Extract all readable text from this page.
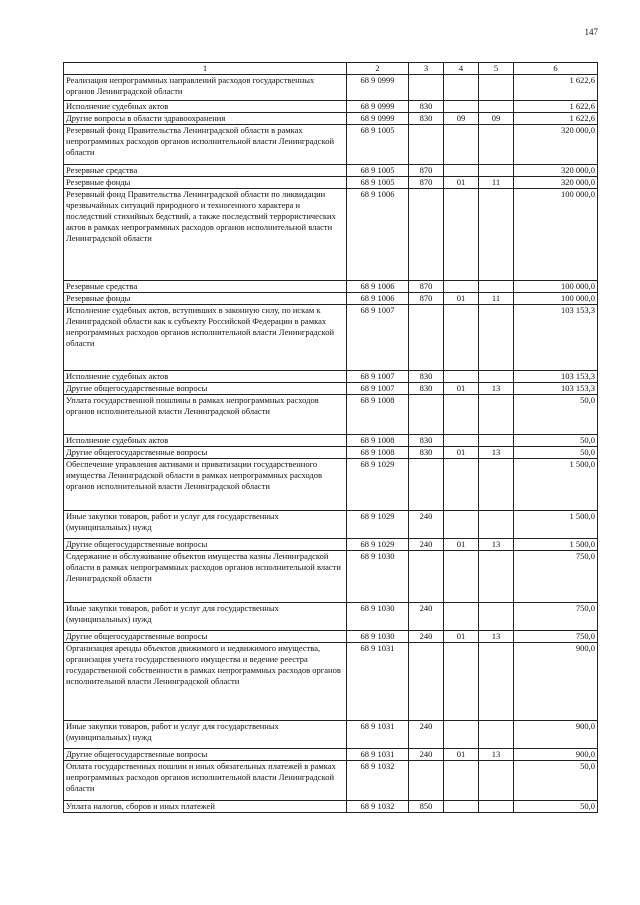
147
1	2	3	4	5	6
Реализация непрограммных направлений расходов государственных органов Ленинградской области	68 9 0999				1 622,6
Исполнение судебных актов	68 9 0999	830			1 622,6
Другие вопросы в области здравоохранения	68 9 0999	830	09	09	1 622,6
Резервный фонд Правительства Ленинградской области в рамках непрограммных расходов органов исполнительной власти Ленинградской области	68 9 1005				320 000,0
Резервные средства	68 9 1005	870			320 000,0
Резервные фонды	68 9 1005	870	01	11	320 000,0
Резервный фонд Правительства Ленинградской области по ликвидации чрезвычайных ситуаций природного и техногенного характера и последствий стихийных бедствий, а также последствий террористических актов в рамках непрограммных расходов органов исполнительной власти Ленинградской области	68 9 1006				100 000,0
Резервные средства	68 9 1006	870			100 000,0
Резервные фонды	68 9 1006	870	01	11	100 000,0
Исполнение судебных актов, вступивших в законную силу, по искам к Ленинградской области как к субъекту Российской Федерации в рамках непрограммных расходов органов исполнительной власти Ленинградской области	68 9 1007				103 153,3
Исполнение судебных актов	68 9 1007	830			103 153,3
Другие общегосударственные вопросы	68 9 1007	830	01	13	103 153,3
Уплата государственной пошлины в рамках непрограммных расходов органов исполнительной власти Ленинградской области	68 9 1008				50,0
Исполнение судебных актов	68 9 1008	830			50,0
Другие общегосударственные вопросы	68 9 1008	830	01	13	50,0
Обеспечение управления активами и приватизации государственного имущества Ленинградской области в рамках непрограммных расходов органов исполнительной власти Ленинградской области	68 9 1029				1 500,0
Иные закупки товаров, работ и услуг для государственных (муниципальных) нужд	68 9 1029	240			1 500,0
Другие общегосударственные вопросы	68 9 1029	240	01	13	1 500,0
Содержание и обслуживание объектов имущества казны Ленинградской области в рамках непрограммных расходов органов исполнительной власти Ленинградской области	68 9 1030				750,0
Иные закупки товаров, работ и услуг для государственных (муниципальных) нужд	68 9 1030	240			750,0
Другие общегосударственные вопросы	68 9 1030	240	01	13	750,0
Организация аренды объектов движимого и недвижимого имущества, организация учета государственного имущества и ведение реестра государственной собственности в рамках непрограммных расходов органов исполнительной власти Ленинградской области	68 9 1031				900,0
Иные закупки товаров, работ и услуг для государственных (муниципальных) нужд	68 9 1031	240			900,0
Другие общегосударственные вопросы	68 9 1031	240	01	13	900,0
Оплата государственных пошлин и иных обязательных платежей в рамках непрограммных расходов органов исполнительной власти Ленинградской области	68 9 1032				50,0
Уплата налогов, сборов и иных платежей	68 9 1032	850			50,0
